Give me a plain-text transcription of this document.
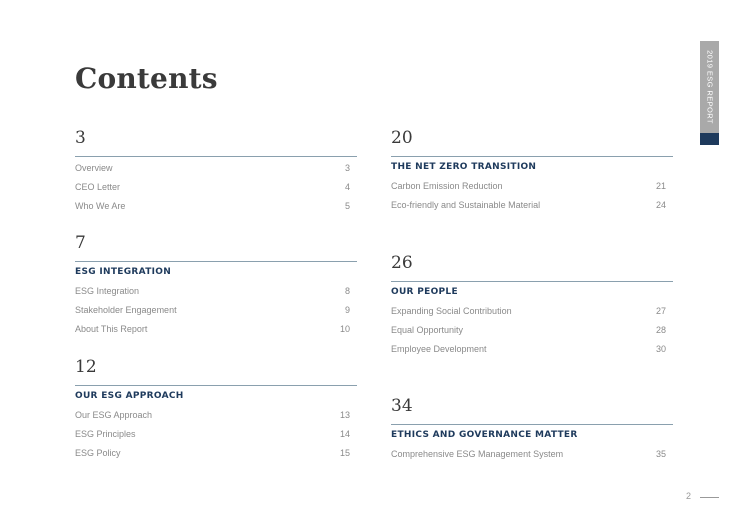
Contents
3
Overview	3
CEO Letter	4
Who We Are	5
7
ESG INTEGRATION
ESG Integration	8
Stakeholder Engagement	9
About This Report	10
12
OUR ESG APPROACH
Our ESG Approach	13
ESG Principles	14
ESG Policy	15
20
THE NET ZERO TRANSITION
Carbon Emission Reduction	21
Eco-friendly and Sustainable Material	24
26
OUR PEOPLE
Expanding Social Contribution	27
Equal Opportunity	28
Employee Development	30
34
ETHICS AND GOVERNANCE MATTER
Comprehensive ESG Management System	35
2019 ESG REPORT
2
